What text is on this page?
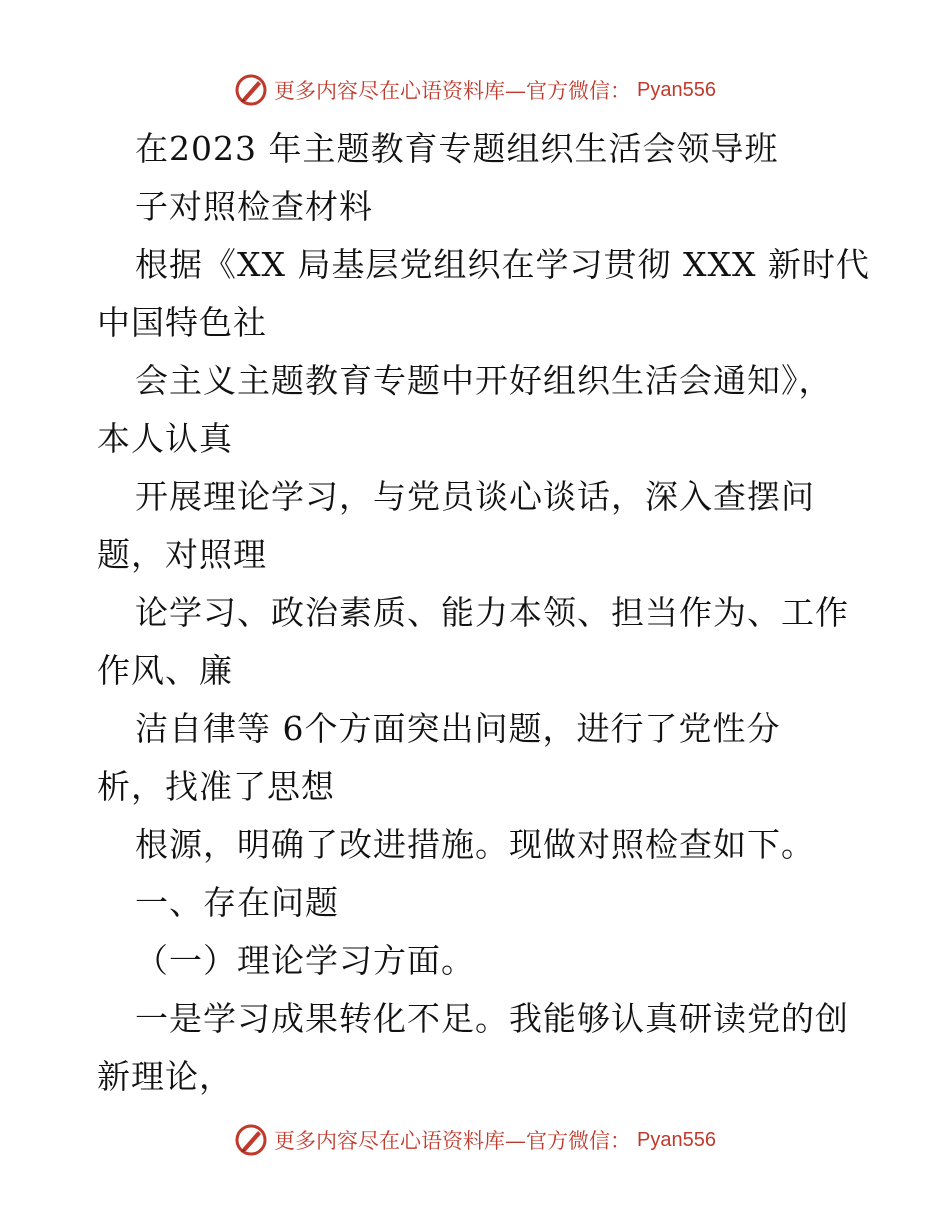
更多内容尽在心语资料库—官方微信： Pyan556
在2023 年主题教育专题组织生活会领导班
子对照检查材料
根据《XX 局基层党组织在学习贯彻 XXX 新时代
中国特色社
会主义主题教育专题中开好组织生活会通知》，
本人认真
开展理论学习，与党员谈心谈话，深入查摆问
题，对照理
论学习、政治素质、能力本领、担当作为、工作
作风、廉
洁自律等 6个方面突出问题，进行了党性分
析，找准了思想
根源，明确了改进措施。现做对照检查如下。
一、存在问题
（一）理论学习方面。
一是学习成果转化不足。我能够认真研读党的创
新理论，
更多内容尽在心语资料库—官方微信： Pyan556
